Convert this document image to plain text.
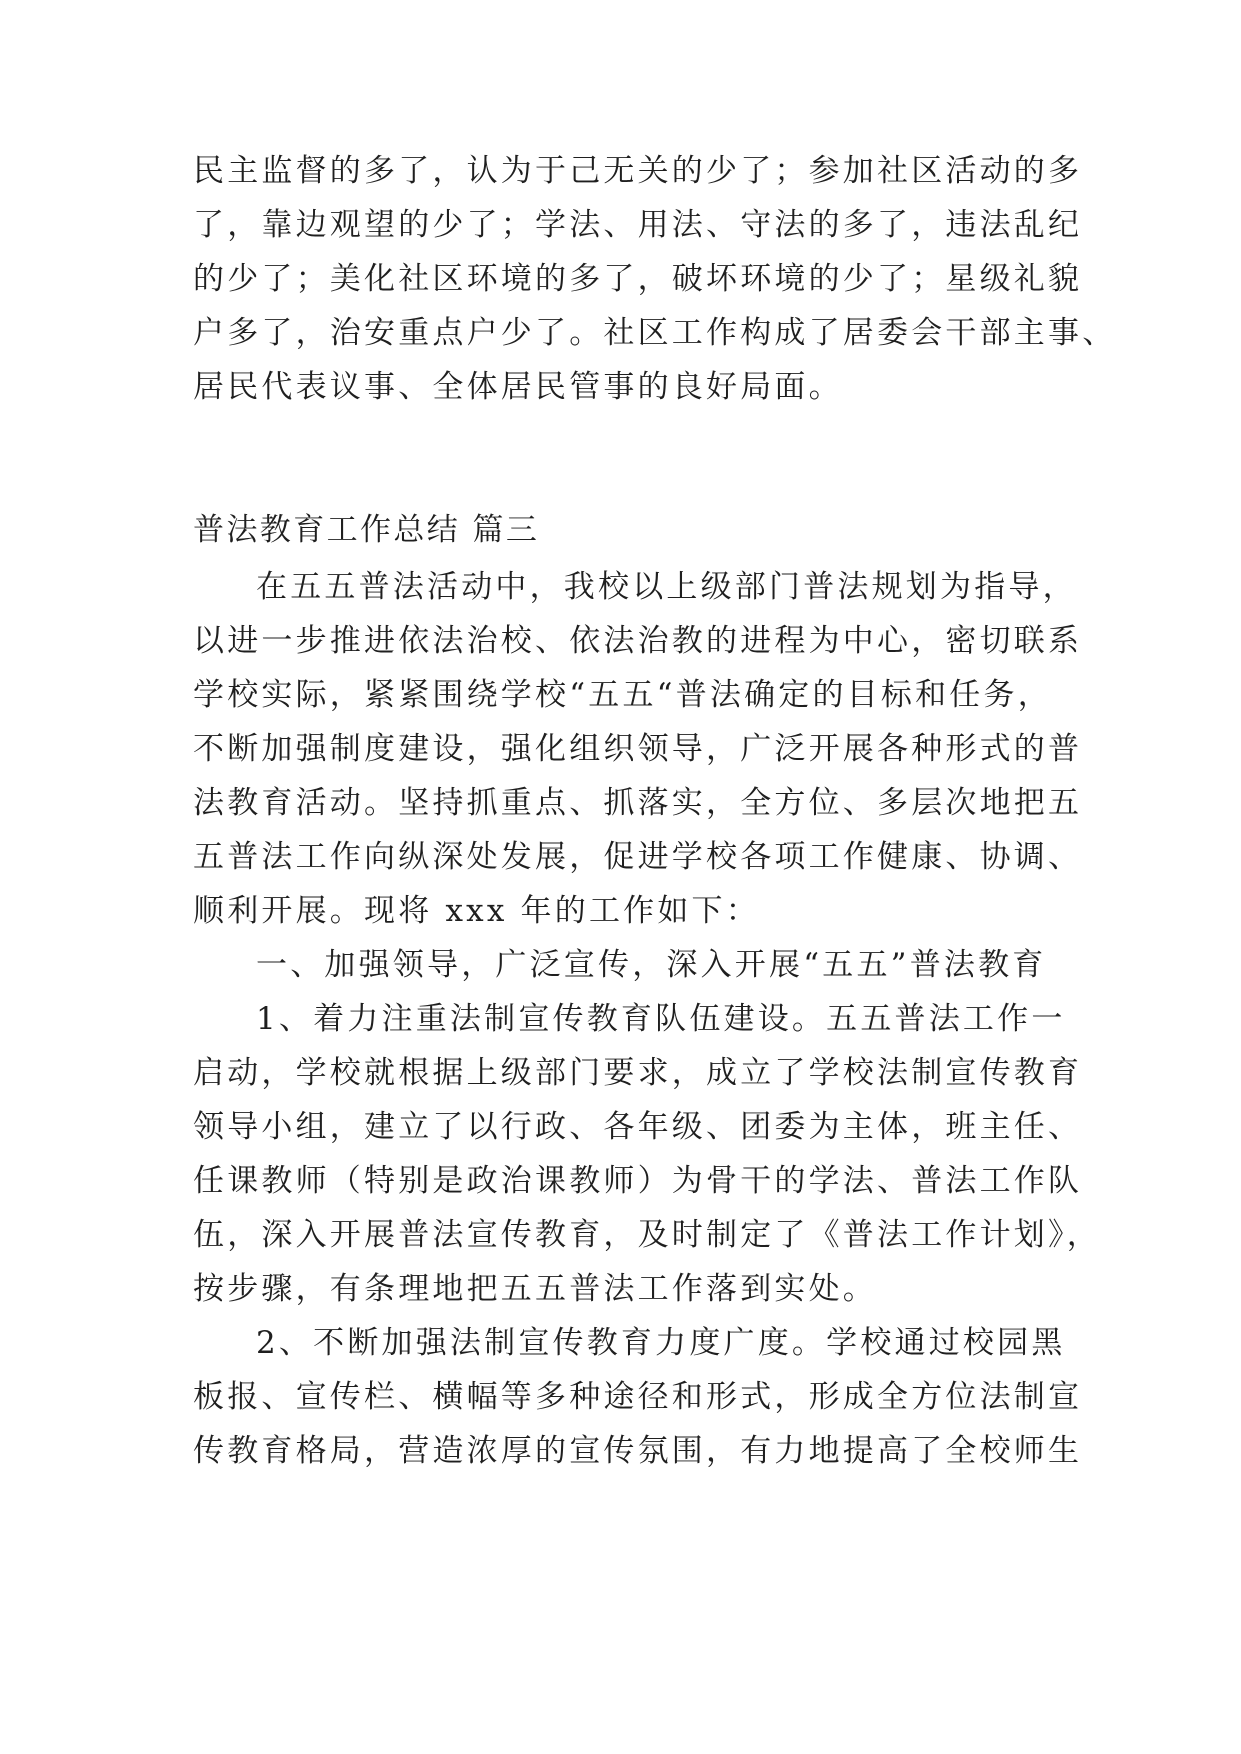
民主监督的多了，认为于己无关的少了；参加社区活动的多
了，靠边观望的少了；学法、用法、守法的多了，违法乱纪
的少了；美化社区环境的多了，破坏环境的少了；星级礼貌
户多了，治安重点户少了。社区工作构成了居委会干部主事、
居民代表议事、全体居民管事的良好局面。
普法教育工作总结 篇三
在五五普法活动中，我校以上级部门普法规划为指导，
以进一步推进依法治校、依法治教的进程为中心，密切联系
学校实际，紧紧围绕学校“五五“普法确定的目标和任务，
不断加强制度建设，强化组织领导，广泛开展各种形式的普
法教育活动。坚持抓重点、抓落实，全方位、多层次地把五
五普法工作向纵深处发展，促进学校各项工作健康、协调、
顺利开展。现将 xxx 年的工作如下：
一、加强领导，广泛宣传，深入开展“五五”普法教育
1、着力注重法制宣传教育队伍建设。五五普法工作一
启动，学校就根据上级部门要求，成立了学校法制宣传教育
领导小组，建立了以行政、各年级、团委为主体，班主任、
任课教师（特别是政治课教师）为骨干的学法、普法工作队
伍，深入开展普法宣传教育，及时制定了《普法工作计划》，
按步骤，有条理地把五五普法工作落到实处。
2、不断加强法制宣传教育力度广度。学校通过校园黑
板报、宣传栏、横幅等多种途径和形式，形成全方位法制宣
传教育格局，营造浓厚的宣传氛围，有力地提高了全校师生
